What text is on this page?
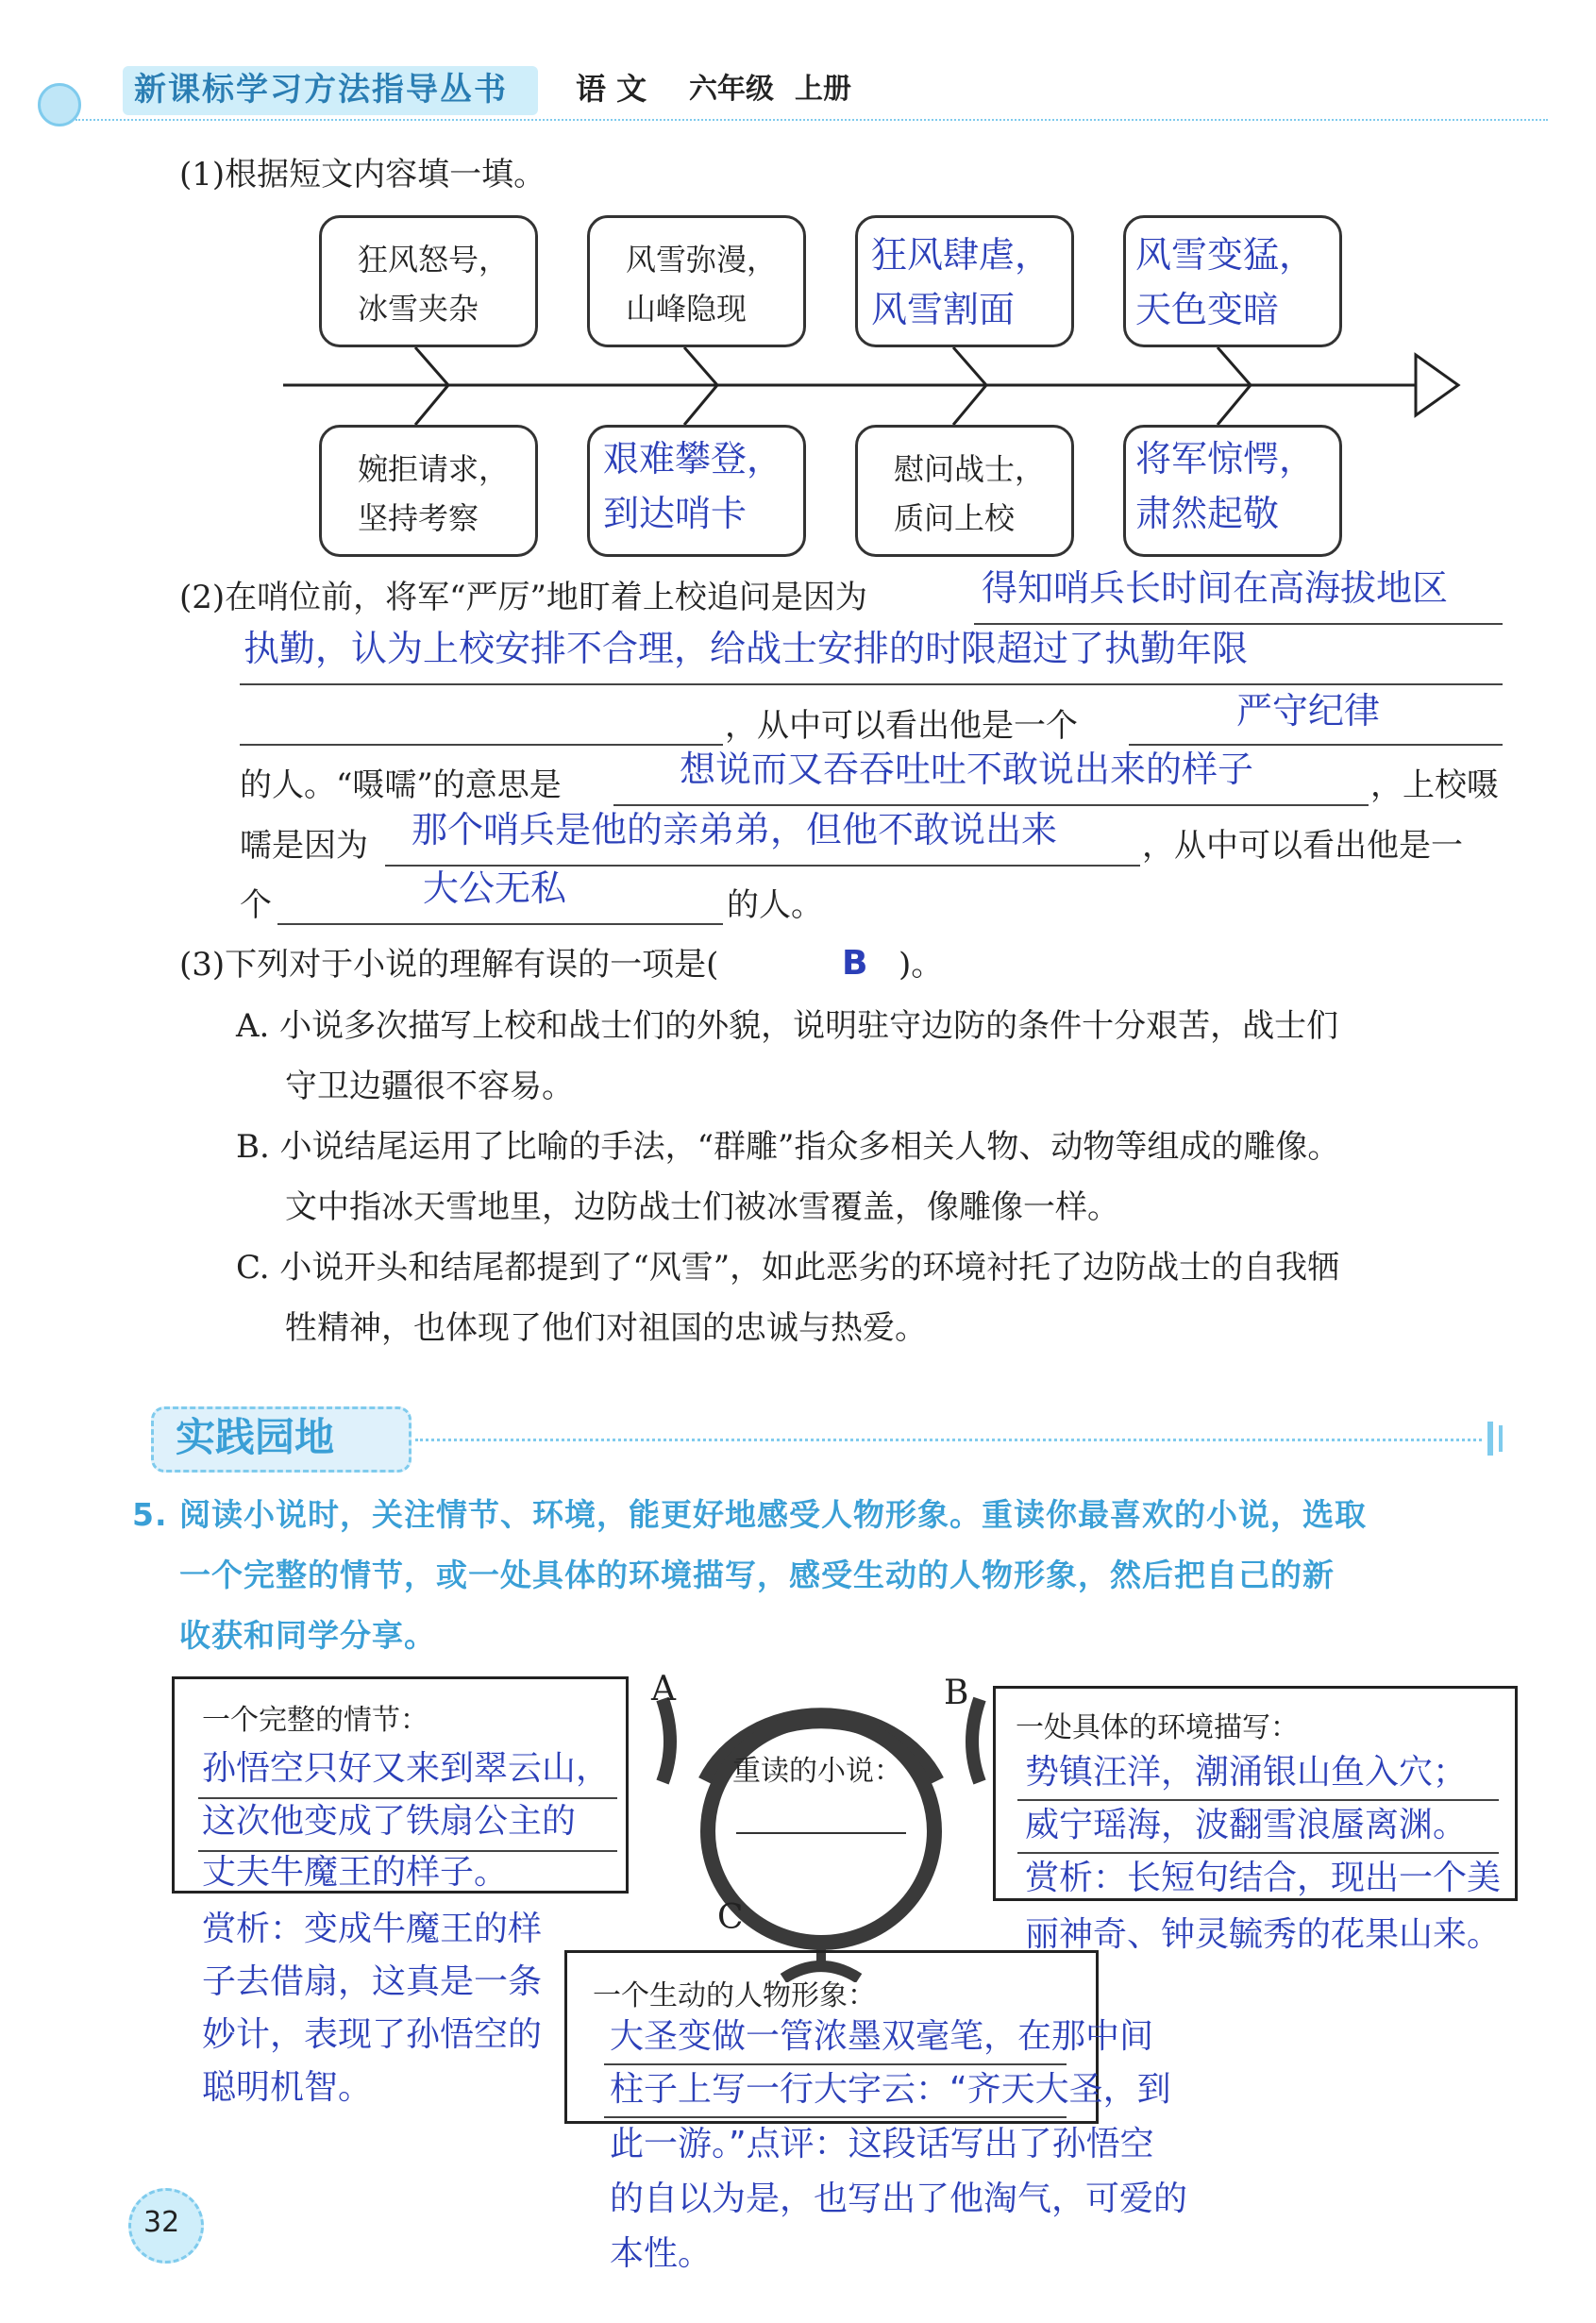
新课标学习方法指导丛书 语 文 六年级 上册
(1)根据短文内容填一填。
狂风怒号，
冰雪夹杂
风雪弥漫，
山峰隐现
狂风肆虐，
风雪割面
风雪变猛，
天色变暗
婉拒请求，
坚持考察
艰难攀登，
到达哨卡
慰问战士，
质问上校
将军惊愕，
肃然起敬
(2)在哨位前，将军“严厉”地盯着上校追问是因为	得知哨兵长时间在高海拔地区
执勤，认为上校安排不合理，给战士安排的时限超过了执勤年限
，从中可以看出他是一个	严守纪律
的人。“嗫嚅”的意思是	想说而又吞吞吐吐不敢说出来的样子	，上校嗫
嚅是因为 那个哨兵是他的亲弟弟，但他不敢说出来	，从中可以看出他是一
个	大公无私	的人。
(3)下列对于小说的理解有误的一项是(	B )。
A. 小说多次描写上校和战士们的外貌，说明驻守边防的条件十分艰苦，战士们
守卫边疆很不容易。
B. 小说结尾运用了比喻的手法，“群雕”指众多相关人物、动物等组成的雕像。
文中指冰天雪地里，边防战士们被冰雪覆盖，像雕像一样。
C. 小说开头和结尾都提到了“风雪”，如此恶劣的环境衬托了边防战士的自我牺
牲精神，也体现了他们对祖国的忠诚与热爱。
实践园地
5. 阅读小说时，关注情节、环境，能更好地感受人物形象。重读你最喜欢的小说，选取
一个完整的情节，或一处具体的环境描写，感受生动的人物形象，然后把自己的新
收获和同学分享。
A	B
C
重读的小说：
一个完整的情节：
孙悟空只好又来到翠云山，
这次他变成了铁扇公主的
丈夫牛魔王的样子。
赏析：变成牛魔王的样
子去借扇，这真是一条
妙计，表现了孙悟空的
聪明机智。
一处具体的环境描写：
势镇汪洋，潮涌银山鱼入穴；
威宁瑶海，波翻雪浪蜃离渊。
赏析：长短句结合，现出一个美
丽神奇、钟灵毓秀的花果山来。
一个生动的人物形象：
大圣变做一管浓墨双毫笔，在那中间
柱子上写一行大字云：“齐天大圣，到
此一游。”点评：这段话写出了孙悟空
的自以为是，也写出了他淘气，可爱的
本性。
32
